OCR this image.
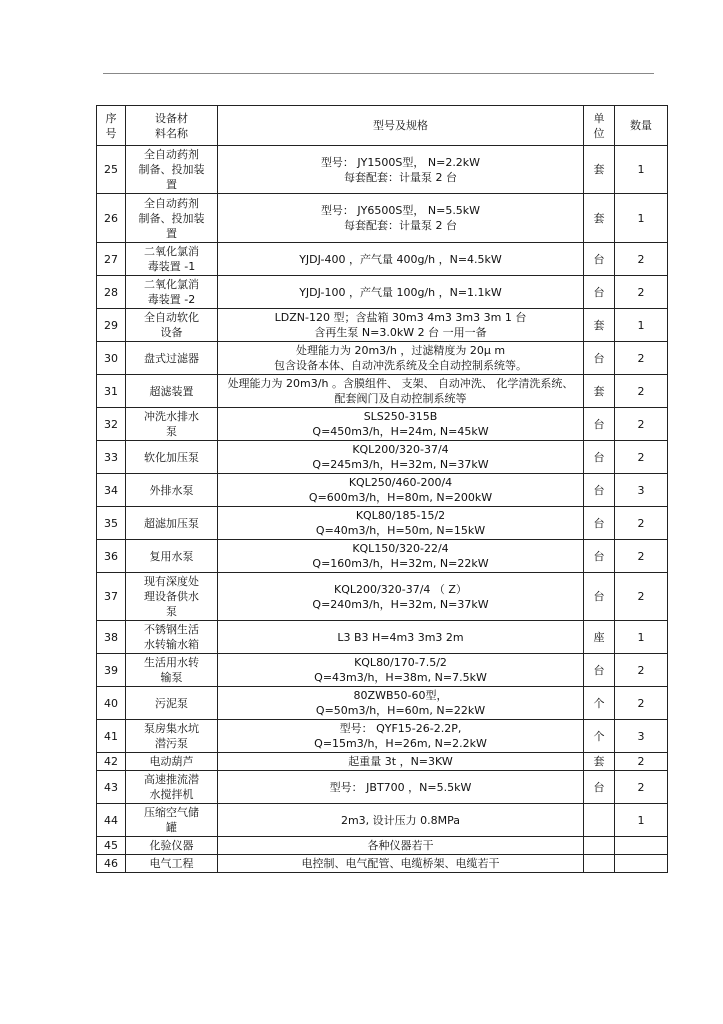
序
号	设备材
料名称	型号及规格	单
位	数量

25	全自动药剂
制备、投加装
置	型号： JY1500S型， N=2.2kW
每套配套：计量泵 2 台	套	1

26	全自动药剂
制备、投加装
置	型号： JY6500S型， N=5.5kW
每套配套：计量泵 2 台	套	1

27	二氧化氯消
毒装置 -1	YJDJ-400 ，产气量 400g/h ，N=4.5kW	台	2

28	二氧化氯消
毒装置 -2	YJDJ-100 ，产气量 100g/h ，N=1.1kW	台	2

29	全自动软化
设备	LDZN-120 型；含盐箱 30m3 4m3 3m3 3m 1 台
含再生泵 N=3.0kW 2 台 一用一备	套	1

30	盘式过滤器	处理能力为 20m3/h ，过滤精度为 20μ m
包含设备本体、自动冲洗系统及全自动控制系统等。	台	2

31	超滤装置	处理能力为 20m3/h 。含膜组件、 支架、 自动冲洗、 化学清洗系统、
配套阀门及自动控制系统等	套	2

32	冲洗水排水
泵	SLS250-315B
Q=450m3/h，H=24m, N=45kW	台	2

33	软化加压泵	KQL200/320-37/4
Q=245m3/h，H=32m, N=37kW	台	2

34	外排水泵	KQL250/460-200/4
Q=600m3/h，H=80m, N=200kW	台	3

35	超滤加压泵	KQL80/185-15/2
Q=40m3/h，H=50m, N=15kW	台	2

36	复用水泵	KQL150/320-22/4
Q=160m3/h，H=32m, N=22kW	台	2

37	现有深度处
理设备供水
泵	KQL200/320-37/4 （ Z）
Q=240m3/h，H=32m, N=37kW	台	2

38	不锈钢生活
水转输水箱	L3 B3 H=4m3 3m3 2m	座	1

39	生活用水转
输泵	KQL80/170-7.5/2
Q=43m3/h，H=38m, N=7.5kW	台	2

40	污泥泵	80ZWB50-60型，
Q=50m3/h，H=60m, N=22kW	个	2

41	泵房集水坑
潜污泵	型号： QYF15-26-2.2P,
Q=15m3/h，H=26m, N=2.2kW	个	3

42	电动葫芦	起重量 3t ，N=3KW	套	2

43	高速推流潜
水搅拌机	型号： JBT700 ，N=5.5kW	台	2

44	压缩空气储
罐	2m3, 设计压力 0.8MPa		1

45	化验仪器	各种仪器若干		

46	电气工程	电控制、电气配管、电缆桥架、电缆若干		
